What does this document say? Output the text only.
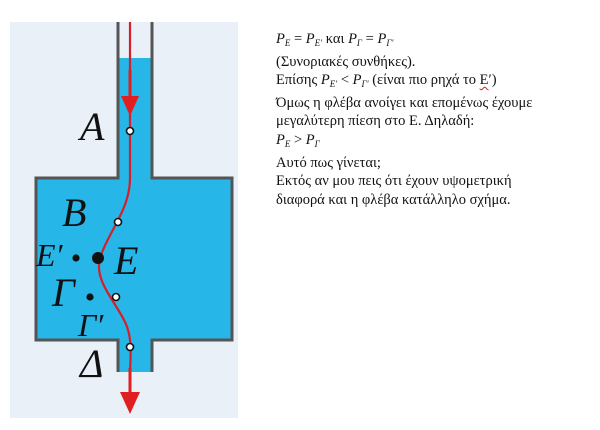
A
B
E′ E
Γ
Γ′
Δ
$P_E = P_{E'}$ και $P_\Gamma = P_{\Gamma'}$
(Συνοριακές συνθήκες).
Επίσης $P_{E'} < P_{\Gamma'}$ (είναι πιο ρηχά το Ε′)
Όμως η φλέβα ανοίγει και επομένως έχουμε
μεγαλύτερη πίεση στο Ε. Δηλαδή:
$P_E > P_\Gamma$
Αυτό πως γίνεται;
Εκτός αν μου πεις ότι έχουν υψομετρική
διαφορά και η φλέβα κατάλληλο σχήμα.
